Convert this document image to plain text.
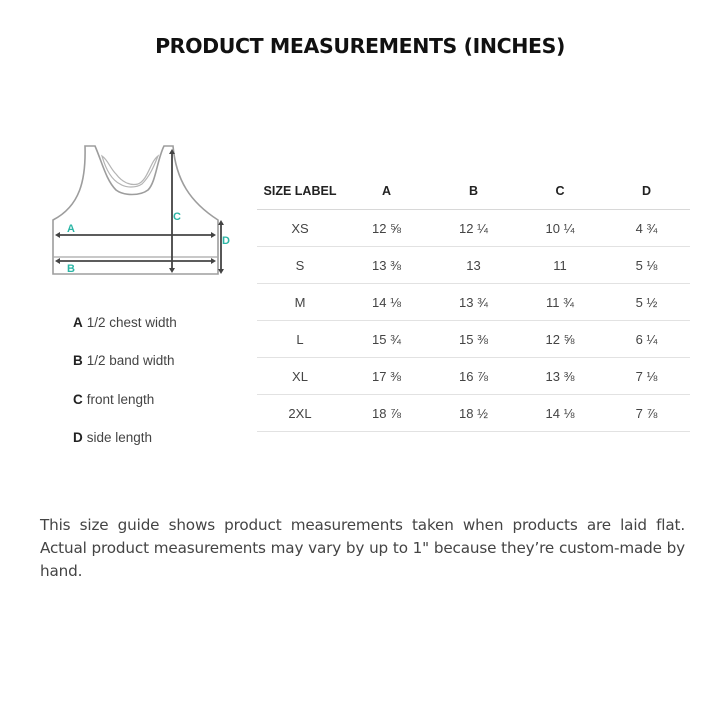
PRODUCT MEASUREMENTS (INCHES)
A
B
C
D
A 1/2 chest width
B 1/2 band width
C front length
D side length
SIZE LABEL	A	B	C	D
XS	12 ⅝	12 ¼	10 ¼	4 ¾
S	13 ⅜	13	11	5 ⅛
M	14 ⅛	13 ¾	11 ¾	5 ½
L	15 ¾	15 ⅜	12 ⅝	6 ¼
XL	17 ⅜	16 ⅞	13 ⅜	7 ⅛
2XL	18 ⅞	18 ½	14 ⅛	7 ⅞
This size guide shows product measurements taken when products are laid flat. Actual product measurements may vary by up to 1" because they’re custom-made by hand.
